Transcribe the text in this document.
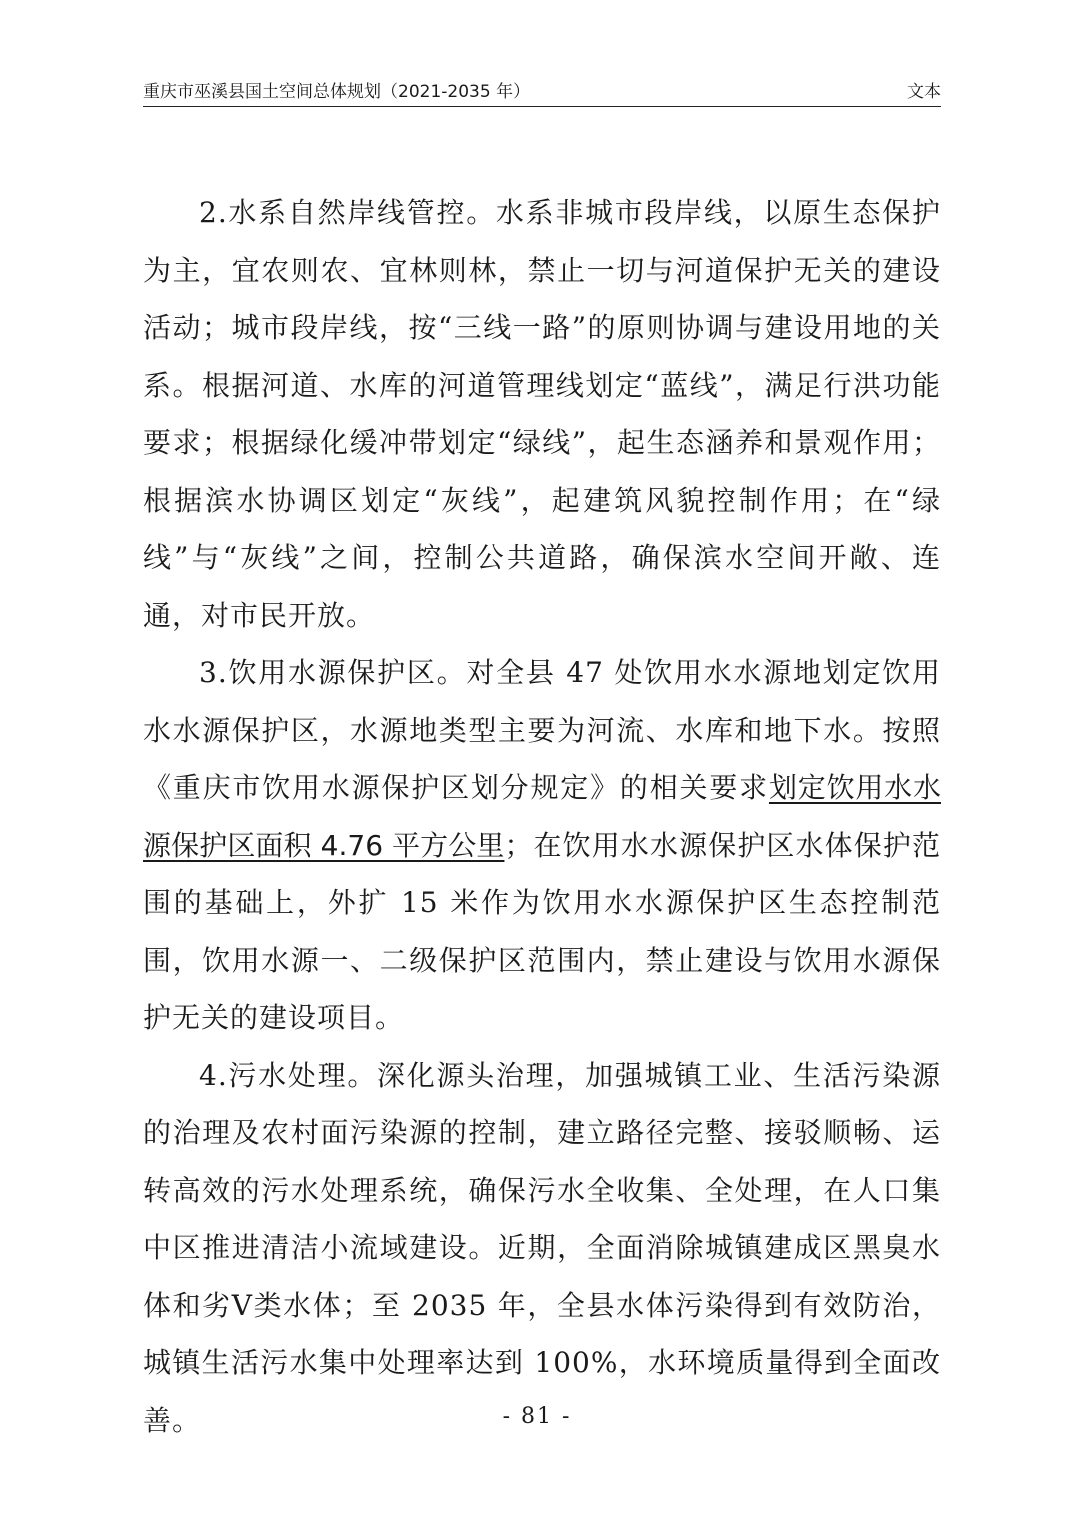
重庆市巫溪县国土空间总体规划（2021-2035 年）	文本

2.水系自然岸线管控。水系非城市段岸线，以原生态保护为主，宜农则农、宜林则林，禁止一切与河道保护无关的建设活动；城市段岸线，按“三线一路”的原则协调与建设用地的关系。根据河道、水库的河道管理线划定“蓝线”，满足行洪功能要求；根据绿化缓冲带划定“绿线”，起生态涵养和景观作用；根据滨水协调区划定“灰线”，起建筑风貌控制作用；在“绿线”与“灰线”之间，控制公共道路，确保滨水空间开敞、连通，对市民开放。

3.饮用水源保护区。对全县 47 处饮用水水源地划定饮用水水源保护区，水源地类型主要为河流、水库和地下水。按照《重庆市饮用水源保护区划分规定》的相关要求划定饮用水水源保护区面积 4.76 平方公里；在饮用水水源保护区水体保护范围的基础上，外扩 15 米作为饮用水水源保护区生态控制范围，饮用水源一、二级保护区范围内，禁止建设与饮用水源保护无关的建设项目。

4.污水处理。深化源头治理，加强城镇工业、生活污染源的治理及农村面污染源的控制，建立路径完整、接驳顺畅、运转高效的污水处理系统，确保污水全收集、全处理，在人口集中区推进清洁小流域建设。近期，全面消除城镇建成区黑臭水体和劣Ⅴ类水体；至 2035 年，全县水体污染得到有效防治，城镇生活污水集中处理率达到 100%，水环境质量得到全面改善。	- 81 -
